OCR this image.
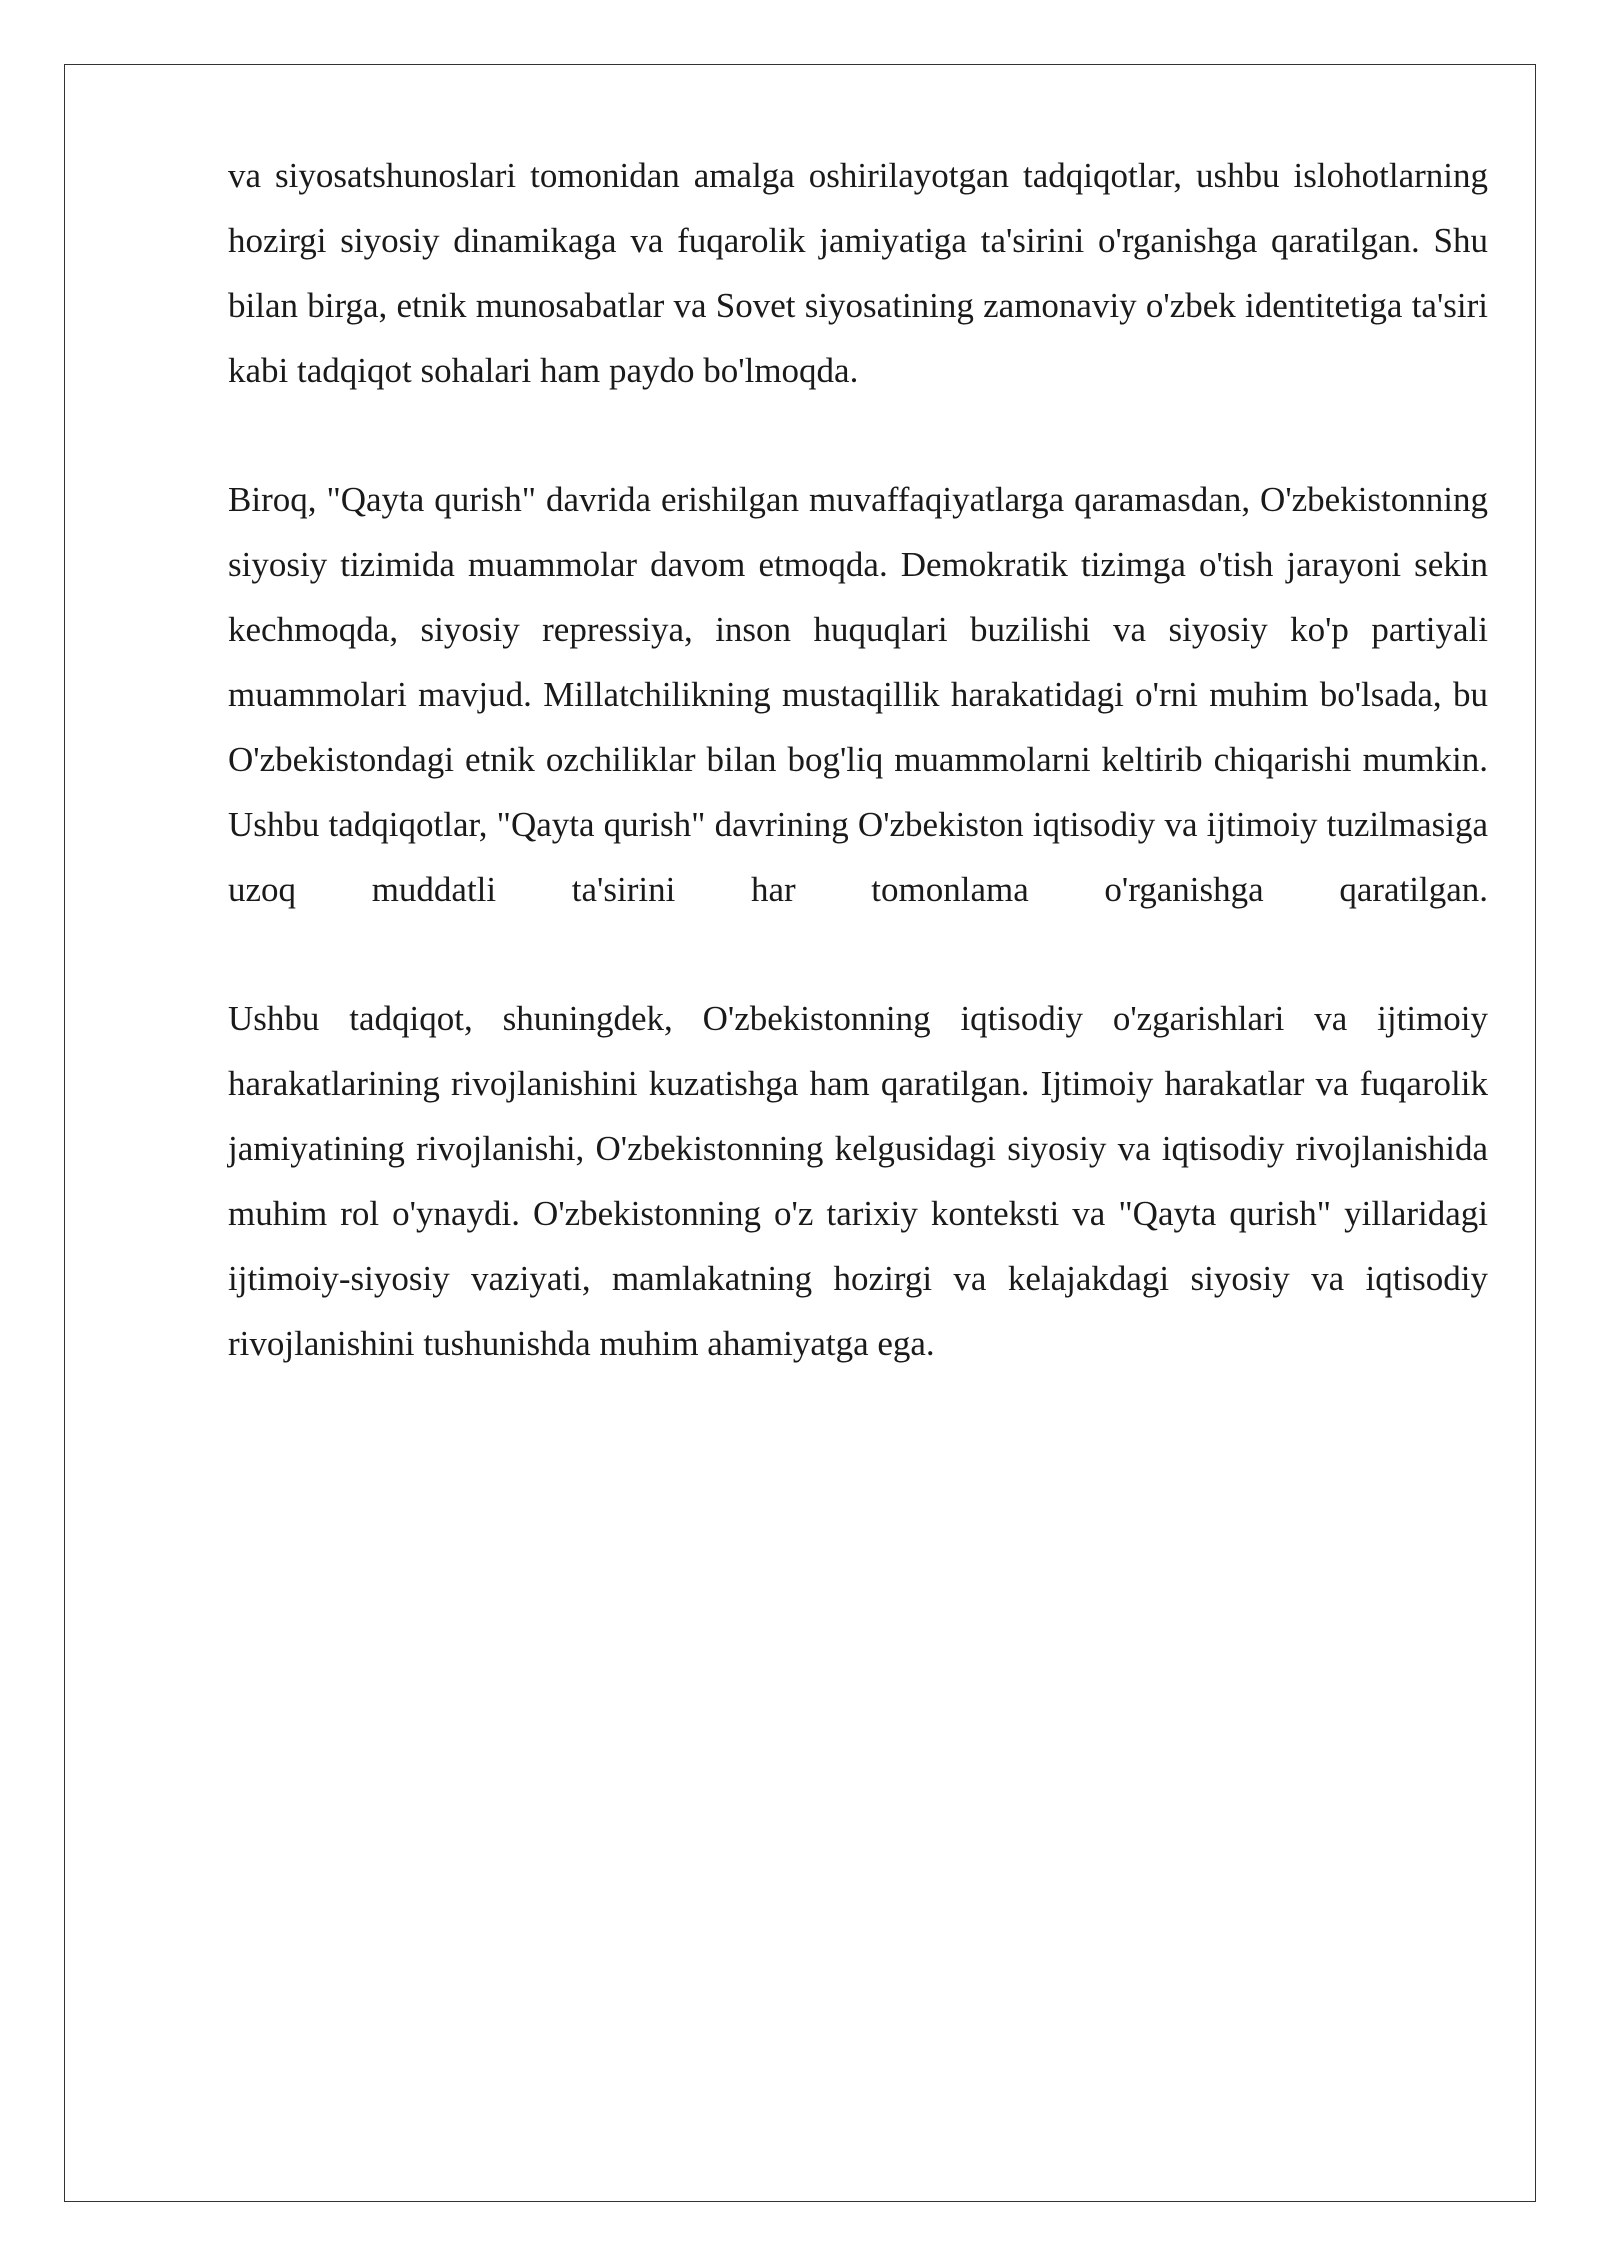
va siyosatshunoslari tomonidan amalga oshirilayotgan tadqiqotlar, ushbu islohotlarning hozirgi siyosiy dinamikaga va fuqarolik jamiyatiga ta'sirini o'rganishga qaratilgan. Shu bilan birga, etnik munosabatlar va Sovet siyosatining zamonaviy o'zbek identitetiga ta'siri kabi tadqiqot sohalari ham paydo bo'lmoqda.

Biroq, "Qayta qurish" davrida erishilgan muvaffaqiyatlarga qaramasdan, O'zbekistonning siyosiy tizimida muammolar davom etmoqda. Demokratik tizimga o'tish jarayoni sekin kechmoqda, siyosiy repressiya, inson huquqlari buzilishi va siyosiy ko'p partiyali muammolari mavjud. Millatchilikning mustaqillik harakatidagi o'rni muhim bo'lsada, bu O'zbekistondagi etnik ozchiliklar bilan bog'liq muammolarni keltirib chiqarishi mumkin. Ushbu tadqiqotlar, "Qayta qurish" davrining O'zbekiston iqtisodiy va ijtimoiy tuzilmasiga uzoq muddatli ta'sirini har tomonlama o'rganishga qaratilgan.

Ushbu tadqiqot, shuningdek, O'zbekistonning iqtisodiy o'zgarishlari va ijtimoiy harakatlarining rivojlanishini kuzatishga ham qaratilgan. Ijtimoiy harakatlar va fuqarolik jamiyatining rivojlanishi, O'zbekistonning kelgusidagi siyosiy va iqtisodiy rivojlanishida muhim rol o'ynaydi. O'zbekistonning o'z tarixiy konteksti va "Qayta qurish" yillaridagi ijtimoiy-siyosiy vaziyati, mamlakatning hozirgi va kelajakdagi siyosiy va iqtisodiy rivojlanishini tushunishda muhim ahamiyatga ega.
